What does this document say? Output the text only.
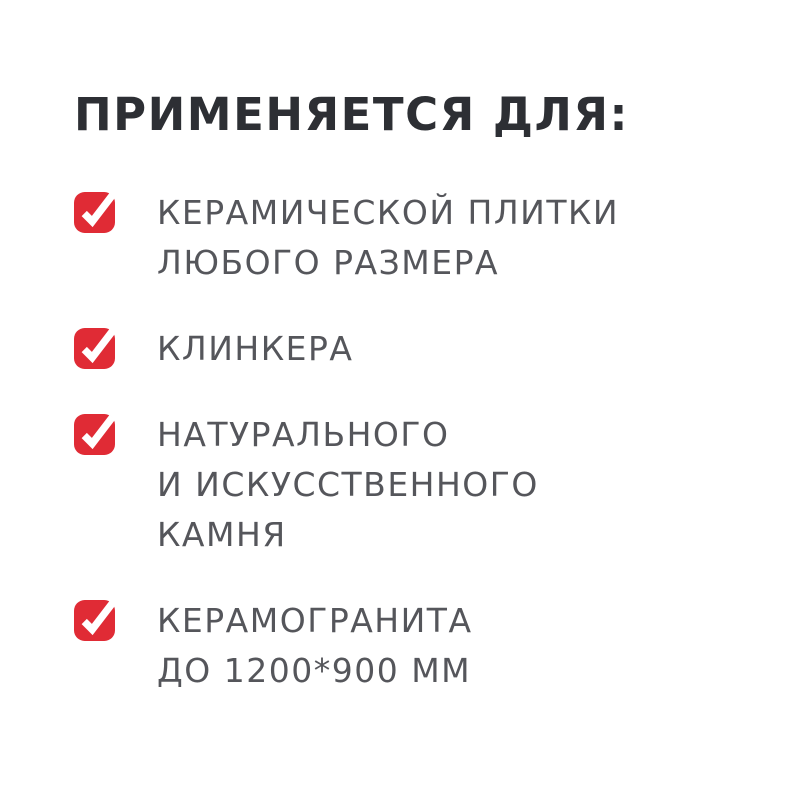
ПРИМЕНЯЕТСЯ ДЛЯ:
КЕРАМИЧЕСКОЙ ПЛИТКИ
ЛЮБОГО РАЗМЕРА
КЛИНКЕРА
НАТУРАЛЬНОГО
И ИСКУССТВЕННОГО
КАМНЯ
КЕРАМОГРАНИТА
ДО 1200*900 ММ
